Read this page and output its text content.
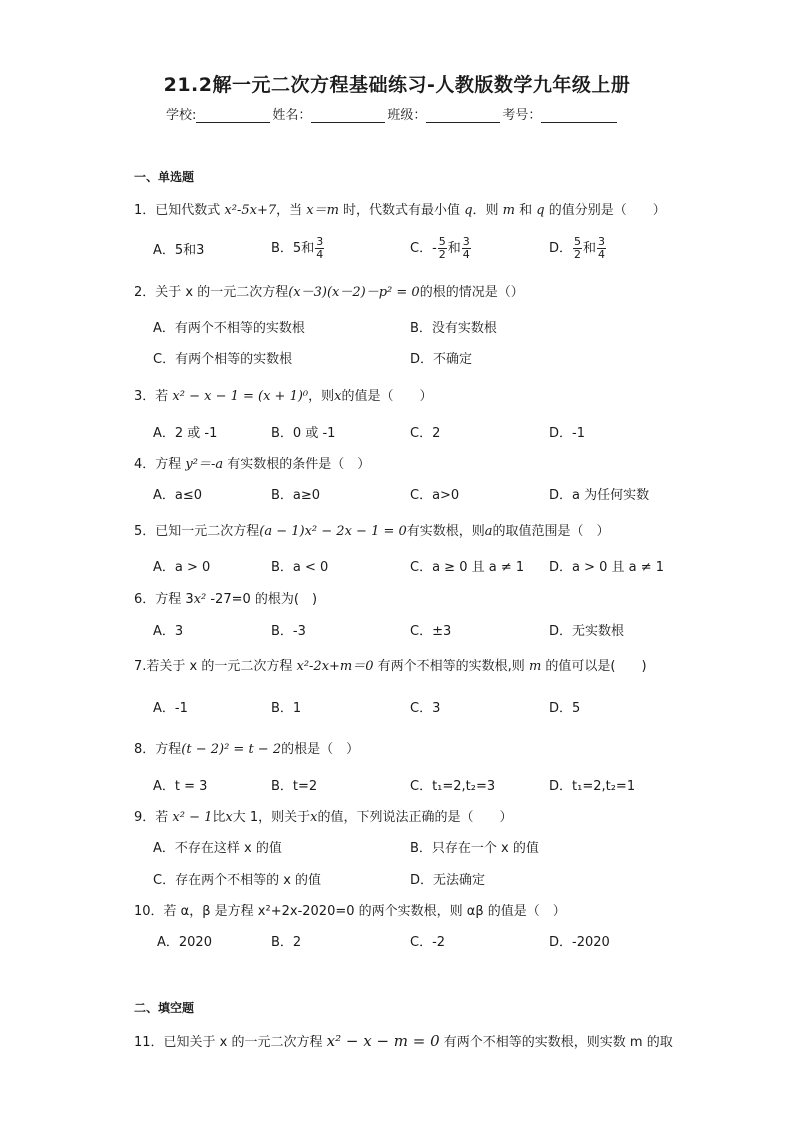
21.2解一元二次方程基础练习-人教版数学九年级上册
学校:	姓名：	班级：	考号：
一、单选题
1．已知代数式 x²-5x+7，当 x＝m 时，代数式有最小值 q．则 m 和 q 的值分别是（　　）
A．5和3	B．5和 $\frac{3}{4}$	C．- $\frac{5}{2}$ 和 $\frac{3}{4}$	D． $\frac{5}{2}$ 和 $\frac{3}{4}$
2．关于 x 的一元二次方程(x－3)(x－2)－p² = 0的根的情况是（）
A．有两个不相等的实数根	B．没有实数根
C．有两个相等的实数根	D．不确定
3．若 x² − x − 1 = (x + 1)⁰，则x的值是（　　）
A．2 或 -1	B．0 或 -1	C．2	D．-1
4．方程 y²＝-a 有实数根的条件是（　）
A．a≤0	B．a≥0	C．a>0	D．a 为任何实数
5．已知一元二次方程(a − 1)x² − 2x − 1 = 0有实数根，则a的取值范围是（　）
A．a > 0	B．a < 0	C．a ≥ 0 且 a ≠ 1 D．a > 0 且 a ≠ 1
6．方程 3x² -27=0 的根为(　)
A．3	B．-3	C．±3	D．无实数根
7.若关于 x 的一元二次方程 x²-2x+m＝0 有两个不相等的实数根,则 m 的值可以是(　　)
A．-1	B．1	C．3	D．5
8．方程(t − 2)² = t − 2的根是（　）
A．t = 3	B．t=2	C．t₁=2,t₂=3	D．t₁=2,t₂=1
9．若 x² − 1比x大 1，则关于x的值，下列说法正确的是（　　）
A．不存在这样 x 的值	B．只存在一个 x 的值
C．存在两个不相等的 x 的值	D．无法确定
10．若 α，β 是方程 x²+2x-2020=0 的两个实数根，则 αβ 的值是（　）
A．2020	B．2	C．-2	D．-2020
二、填空题
11．已知关于 x 的一元二次方程 x² − x − m = 0 有两个不相等的实数根，则实数 m 的取
